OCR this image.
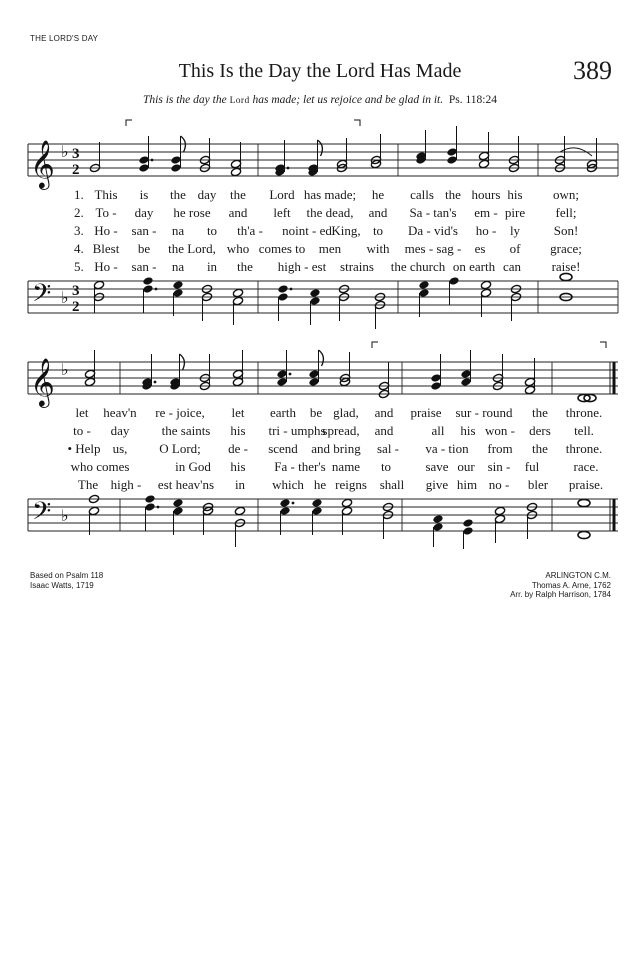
THE LORD'S DAY
This Is the Day the Lord Has Made	389
This is the day the Lord has made; let us rejoice and be glad in it. Ps. 118:24
𝄞 ♭ 3
2
𝄢 ♭ 3
2
𝄞 ♭
𝄢 ♭
1. This is the day the Lord has made; he calls the hours his own;
2. To - day he rose and left the dead, and Sa - tan's em - pire fell;
3. Ho - san - na to th'a - noint - ed King, to Da - vid's ho - ly	Son!
4. Blest be the Lord, who comes to men with mes - sag - es of grace;
5. Ho - san - na in the high - est strains the church on earth can raise!
let heav'n re - joice, let earth be glad, and praise sur - round the throne.
to - day the saints his tri - umphs
spread, and	all his won - ders tell.
• Help us, O Lord; de - scend and bring sal - va - tion from the throne.
who comes	in God his Fa - ther's name to	save our sin - ful	race.
The high - est heav'ns in which he reigns shall give him no - bler praise.
Based on Psalm 118
Isaac Watts, 1719
ARLINGTON C.M.
Thomas A. Arne, 1762
Arr. by Ralph Harrison, 1784
